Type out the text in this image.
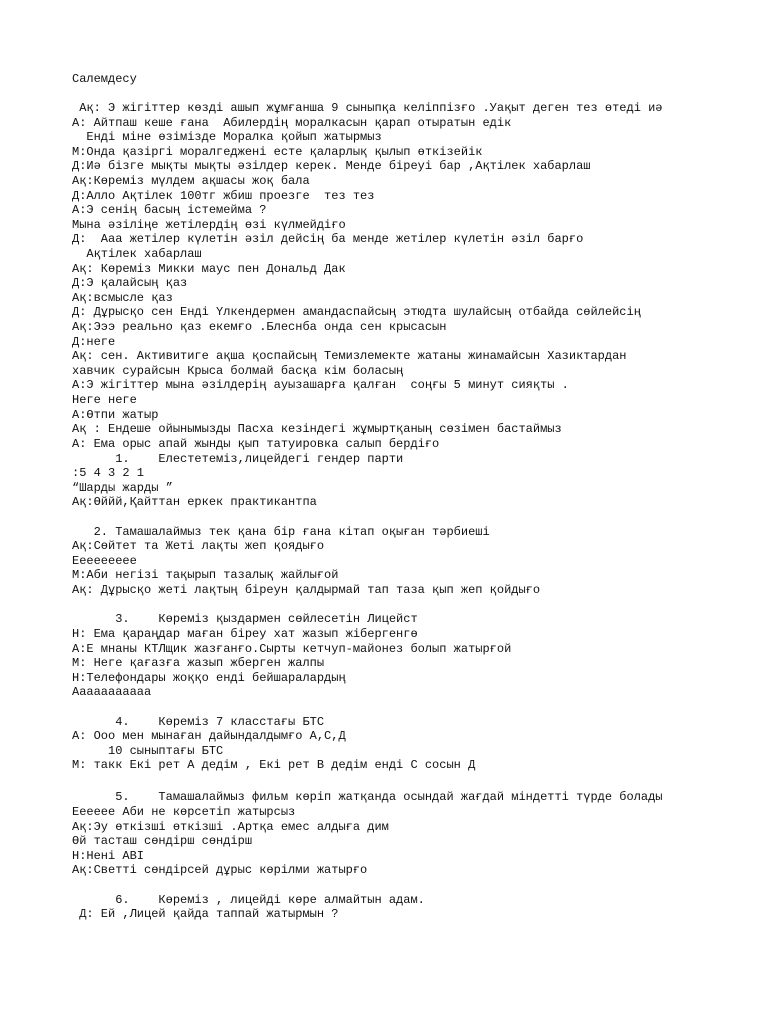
Салемдесу
Ақ: Э жігіттер көзді ашып жұмғанша 9 сыныпқа келіппізғо .Уақыт деген тез өтеді иә
А: Айтпаш кеше ғана  Абилердің моралкасын қарап отыратын едік
Енді міне өзімізде Моралка қойып жатырмыз
М:Онда қазіргі моралгеджені есте қаларлық қылып өткізейік
Д:Иә бізге мықты мықты әзілдер керек. Менде біреуі бар ,Ақтілек хабарлаш
Ақ:Көреміз мүлдем ақшасы жоқ бала
Д:Алло Ақтілек 100тг жбиш проезге  тез тез
А:Э сенің басың істемейма ?
Мына әзіліңе жетілердің өзі күлмейдіғо
Д:  Ааа жетілер күлетін әзіл дейсің ба менде жетілер күлетін әзіл барғо
Ақтілек хабарлаш
Ақ: Көреміз Микки маус пен Дональд Дак
Д:Э қалайсың қаз
Ақ:всмысле қаз
Д: Дұрысқо сен Енді Үлкендермен амандаспайсың этюдта шулайсың отбайда сөйлейсің
Ақ:Эээ реально қаз екемғо .Блеснба онда сен крысасын
Д:неге
Ақ: сен. Активитиге ақша қоспайсың Темизлемекте жатаны жинамайсын Хазиктардан
хавчик сурайсын Крыса болмай басқа кім боласың
А:Э жігіттер мына әзілдерің ауызашарға қалған  соңғы 5 минут сияқты .
Неге неге
А:Өтпи жатыр
Ақ : Ендеше ойынымызды Пасха кезіндегі жұмыртқаның сөзімен бастаймыз
А: Ема орыс апай жынды қып татуировка салып бердіғо
1.    Елестетеміз,лицейдегі гендер парти
:5 4 3 2 1
“Шарды жарды ”
Ақ:Өййй,Қайттан еркек практикантпа
2. Тамашалаймыз тек қана бір ғана кітап оқыған тәрбиеші
Ақ:Сөйтет та Жеті лақты жеп қоядығо
Еееееееее
М:Аби негізі тақырып тазалық жайлығой
Ақ: Дұрысқо жеті лақтың біреун қалдырмай тап таза қып жеп қойдығо
3.    Көреміз қыздармен сөйлесетін Лицейст
Н: Ема қараңдар маған біреу хат жазып жібергенгө
А:Е мнаны КТЛщик жазғанғо.Сырты кетчуп-майонез болып жатырғой
М: Неге қағазға жазып жберген жалпы
Н:Телефондары жоққо енді бейшаралардың
Ааааааааааа
4.    Көреміз 7 класстағы БТС
А: Ооо мен мынаған дайындалдымғо А,С,Д
10 сыныптағы БТС
М: такк Екі рет А дедім , Екі рет В дедім енді С сосын Д
5.    Тамашалаймыз фильм көріп жатқанда осындай жағдай міндетті түрде болады
Ееееее Аби не көрсетіп жатырсыз
Ақ:Эу өткізші өткізші .Артқа емес алдыға дим
Өй тасташ сөндірш сөндірш
Н:Нені АВІ
Ақ:Светті сөндірсей дұрыс көрілми жатырғо
6.    Көреміз , лицейді көре алмайтын адам.
Д: Ей ,Лицей қайда таппай жатырмын ?
